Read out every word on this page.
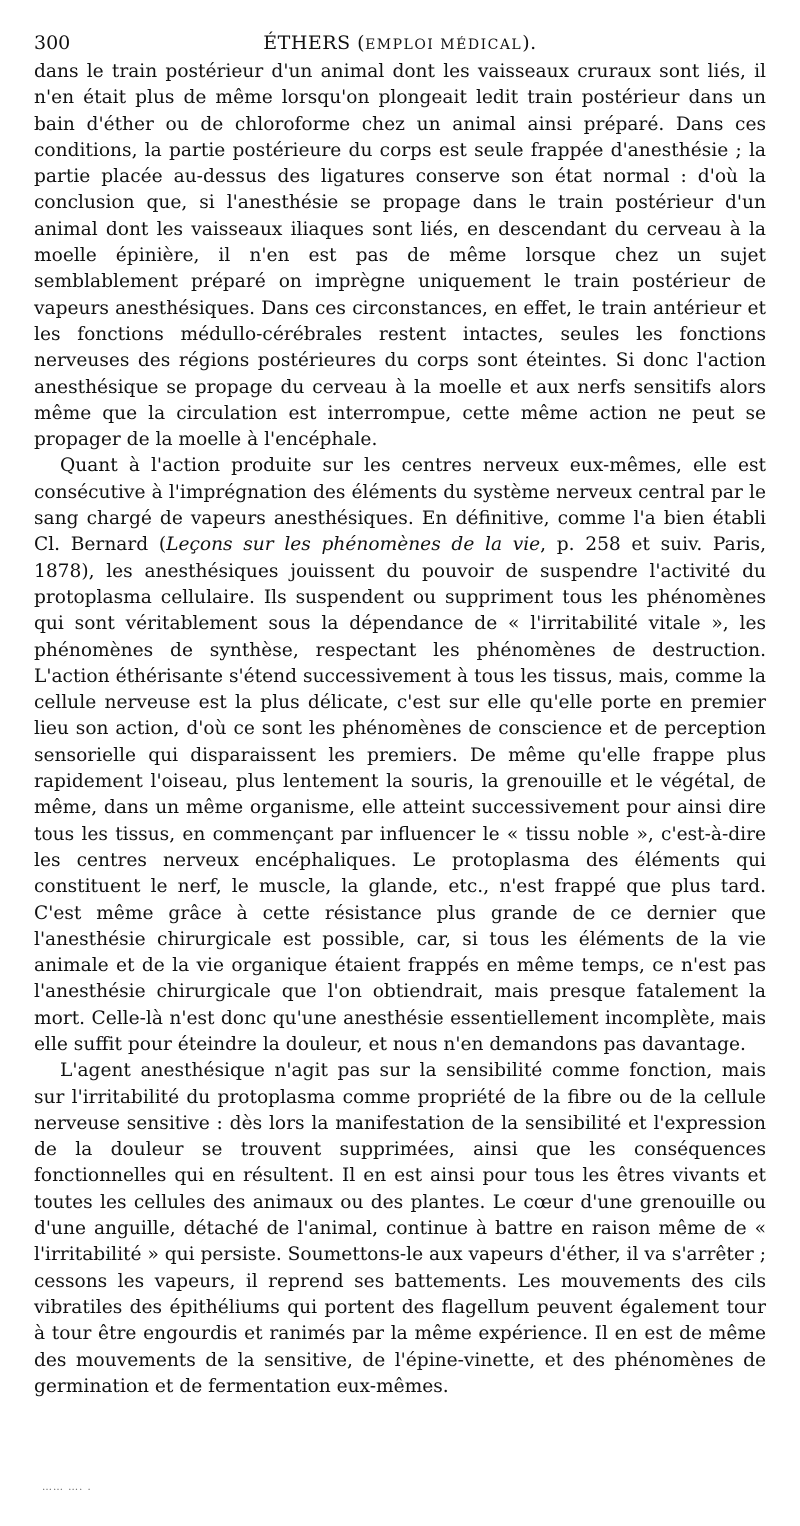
300	ÉTHERS (EMPLOI MÉDICAL).

dans le train postérieur d'un animal dont les vaisseaux cruraux sont liés, il n'en était plus de même lorsqu'on plongeait ledit train postérieur dans un bain d'éther ou de chloroforme chez un animal ainsi préparé. Dans ces conditions, la partie postérieure du corps est seule frappée d'anesthésie ; la partie placée au-dessus des ligatures conserve son état normal : d'où la conclusion que, si l'anesthésie se propage dans le train postérieur d'un animal dont les vaisseaux iliaques sont liés, en descendant du cerveau à la moelle épinière, il n'en est pas de même lorsque chez un sujet semblablement préparé on imprègne uniquement le train postérieur de vapeurs anesthésiques. Dans ces circonstances, en effet, le train antérieur et les fonctions médullo-cérébrales restent intactes, seules les fonctions nerveuses des régions postérieures du corps sont éteintes. Si donc l'action anesthésique se propage du cerveau à la moelle et aux nerfs sensitifs alors même que la circulation est interrompue, cette même action ne peut se propager de la moelle à l'encéphale.

Quant à l'action produite sur les centres nerveux eux-mêmes, elle est consécutive à l'imprégnation des éléments du système nerveux central par le sang chargé de vapeurs anesthésiques. En définitive, comme l'a bien établi Cl. Bernard (Leçons sur les phénomènes de la vie, p. 258 et suiv. Paris, 1878), les anesthésiques jouissent du pouvoir de suspendre l'activité du protoplasma cellulaire. Ils suspendent ou suppriment tous les phénomènes qui sont véritablement sous la dépendance de « l'irritabilité vitale », les phénomènes de synthèse, respectant les phénomènes de destruction. L'action éthérisante s'étend successivement à tous les tissus, mais, comme la cellule nerveuse est la plus délicate, c'est sur elle qu'elle porte en premier lieu son action, d'où ce sont les phénomènes de conscience et de perception sensorielle qui disparaissent les premiers. De même qu'elle frappe plus rapidement l'oiseau, plus lentement la souris, la grenouille et le végétal, de même, dans un même organisme, elle atteint successivement pour ainsi dire tous les tissus, en commençant par influencer le « tissu noble », c'est-à-dire les centres nerveux encéphaliques. Le protoplasma des éléments qui constituent le nerf, le muscle, la glande, etc., n'est frappé que plus tard. C'est même grâce à cette résistance plus grande de ce dernier que l'anesthésie chirurgicale est possible, car, si tous les éléments de la vie animale et de la vie organique étaient frappés en même temps, ce n'est pas l'anesthésie chirurgicale que l'on obtiendrait, mais presque fatalement la mort. Celle-là n'est donc qu'une anesthésie essentiellement incomplète, mais elle suffit pour éteindre la douleur, et nous n'en demandons pas davantage.

L'agent anesthésique n'agit pas sur la sensibilité comme fonction, mais sur l'irritabilité du protoplasma comme propriété de la fibre ou de la cellule nerveuse sensitive : dès lors la manifestation de la sensibilité et l'expression de la douleur se trouvent supprimées, ainsi que les conséquences fonctionnelles qui en résultent. Il en est ainsi pour tous les êtres vivants et toutes les cellules des animaux ou des plantes. Le cœur d'une grenouille ou d'une anguille, détaché de l'animal, continue à battre en raison même de « l'irritabilité » qui persiste. Soumettons-le aux vapeurs d'éther, il va s'arrêter ; cessons les vapeurs, il reprend ses battements. Les mouvements des cils vibratiles des épithéliums qui portent des flagellum peuvent également tour à tour être engourdis et ranimés par la même expérience. Il en est de même des mouvements de la sensitive, de l'épine-vinette, et des phénomènes de germination et de fermentation eux-mêmes.

…… …. .
